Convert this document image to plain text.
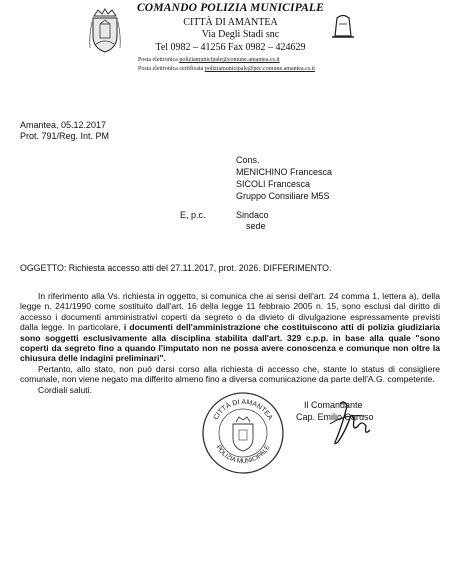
COMANDO POLIZIA MUNICIPALE
CITTÀ DI AMANTEA
Via Degli Stadi snc
Tel 0982 – 41256 Fax 0982 – 424629
Posta elettronica poliziamunicipale@comune.amantea.cs.it
Posta elettronica certificata poliziamunicipale@pec.comune.amantea.cs.it
Amantea, 05.12.2017
Prot. 791/Reg. Int. PM
Cons.
MENICHINO Francesca
SICOLI Francesca
Gruppo Consiliare M5S
E, p.c.	Sindaco
sede
OGGETTO: Richiesta accesso atti del 27.11.2017, prot. 2026. DIFFERIMENTO.

In riferimento alla Vs. richiesta in oggetto, si comunica che ai sensi dell'art. 24 comma 1, lettera a), della legge n. 241/1990 come sostituito dall'art. 16 della legge 11 febbraio 2005 n. 15, sono esclusi dal diritto di accesso i documenti amministrativi coperti da segreto o da divieto di divulgazione espressamente previsti dalla legge. In particolare, i documenti dell'amministrazione che costituiscono atti di polizia giudiziaria sono soggetti esclusivamente alla disciplina stabilita dall'art. 329 c.p.p. in base alla quale "sono coperti da segreto fino a quando l'imputato non ne possa avere conoscenza e comunque non oltre la chiusura delle indagini preliminari".

Pertanto, allo stato, non può darsi corso alla richiesta di accesso che, stante lo status di consigliere comunale, non viene negato ma differito almeno fino a diversa comunicazione da parte dell'A.G. competente.

Cordiali saluti.

CITTÀ DI AMANTEA
POLIZIA MUNICIPALE
Il Comandante
Cap. Emilio Caruso
